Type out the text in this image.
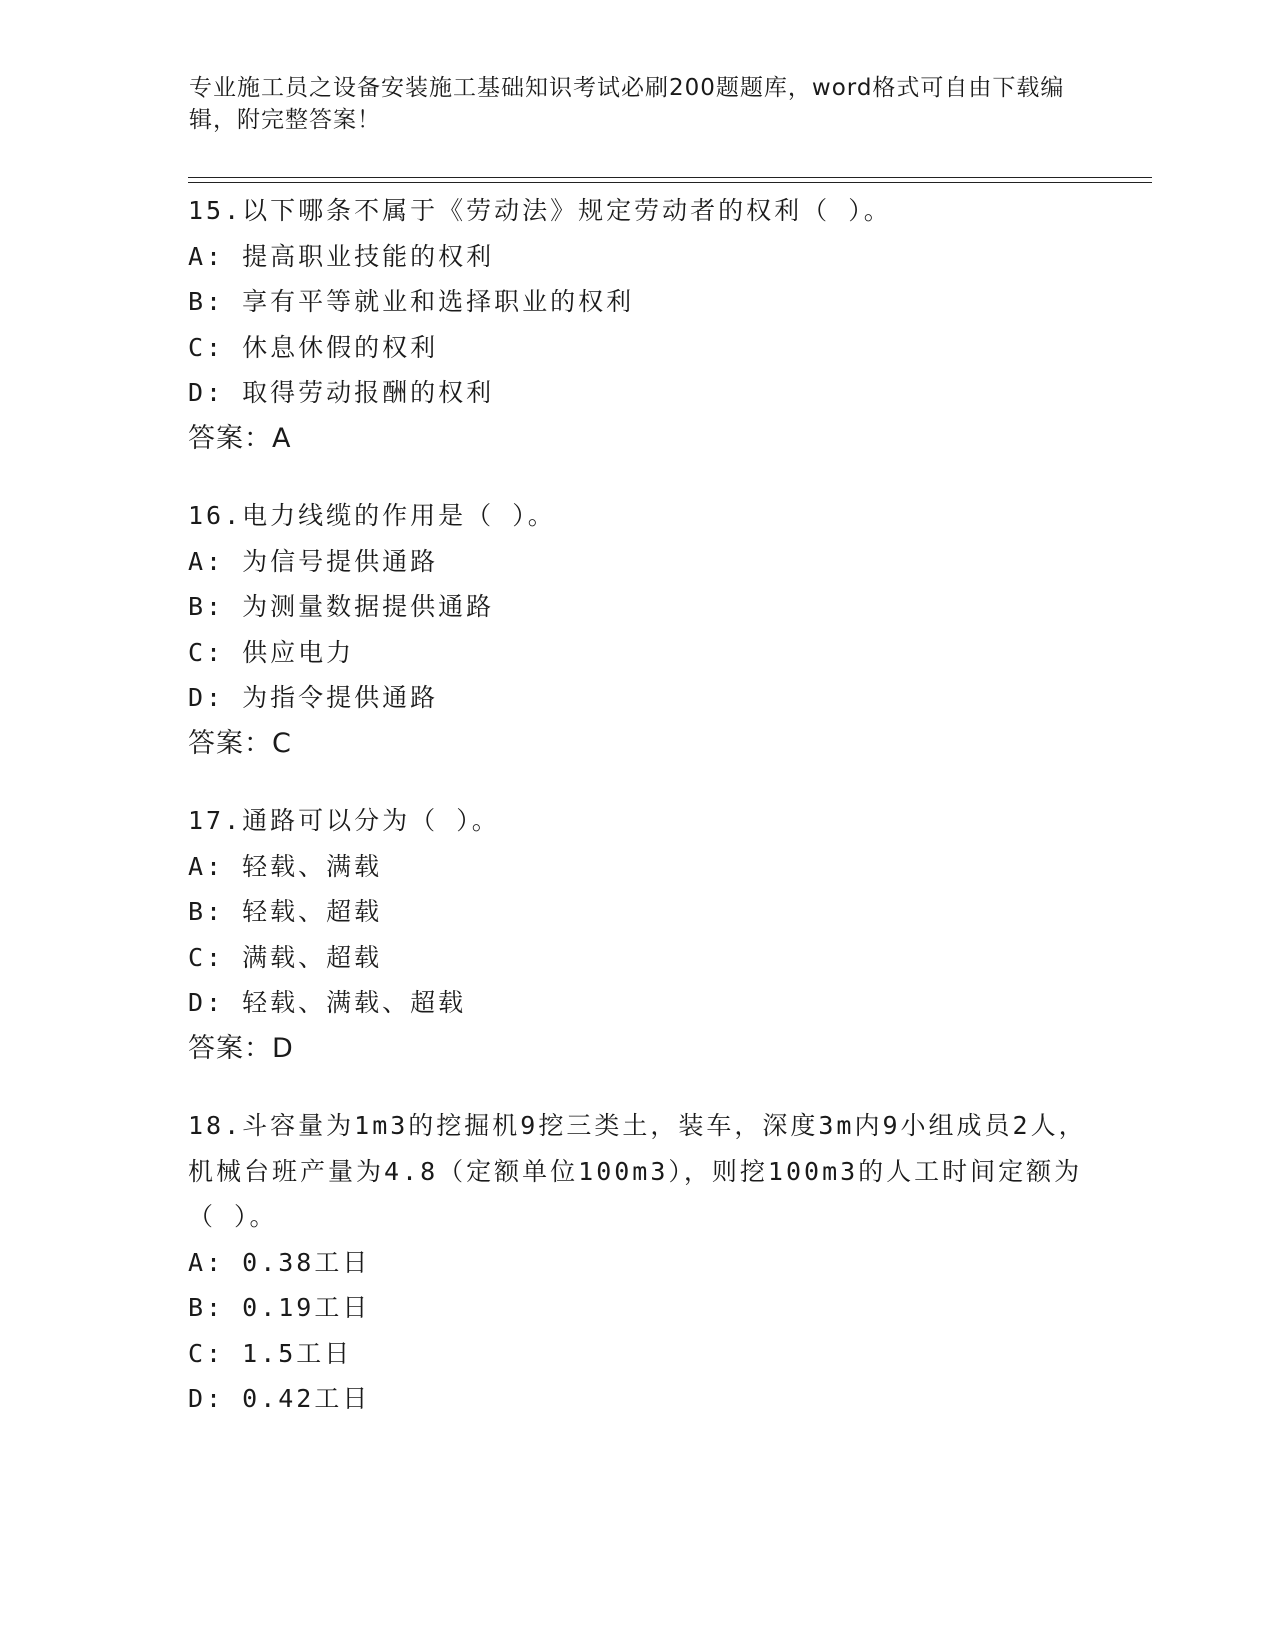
专业施工员之设备安装施工基础知识考试必刷200题题库，word格式可自由下载编辑，附完整答案！

15.以下哪条不属于《劳动法》规定劳动者的权利（ ）。

A: 提高职业技能的权利
B: 享有平等就业和选择职业的权利
C: 休息休假的权利
D: 取得劳动报酬的权利

答案：A

16.电力线缆的作用是（ ）。

A: 为信号提供通路
B: 为测量数据提供通路
C: 供应电力
D: 为指令提供通路

答案：C

17.通路可以分为（ ）。

A: 轻载、满载
B: 轻载、超载
C: 满载、超载
D: 轻载、满载、超载

答案：D

18.斗容量为1m3的挖掘机9挖三类土，装车，深度3m内9小组成员2人，机械台班产量为4.8（定额单位100m3），则挖100m3的人工时间定额为（ ）。

A: 0.38工日
B: 0.19工日
C: 1.5工日
D: 0.42工日
